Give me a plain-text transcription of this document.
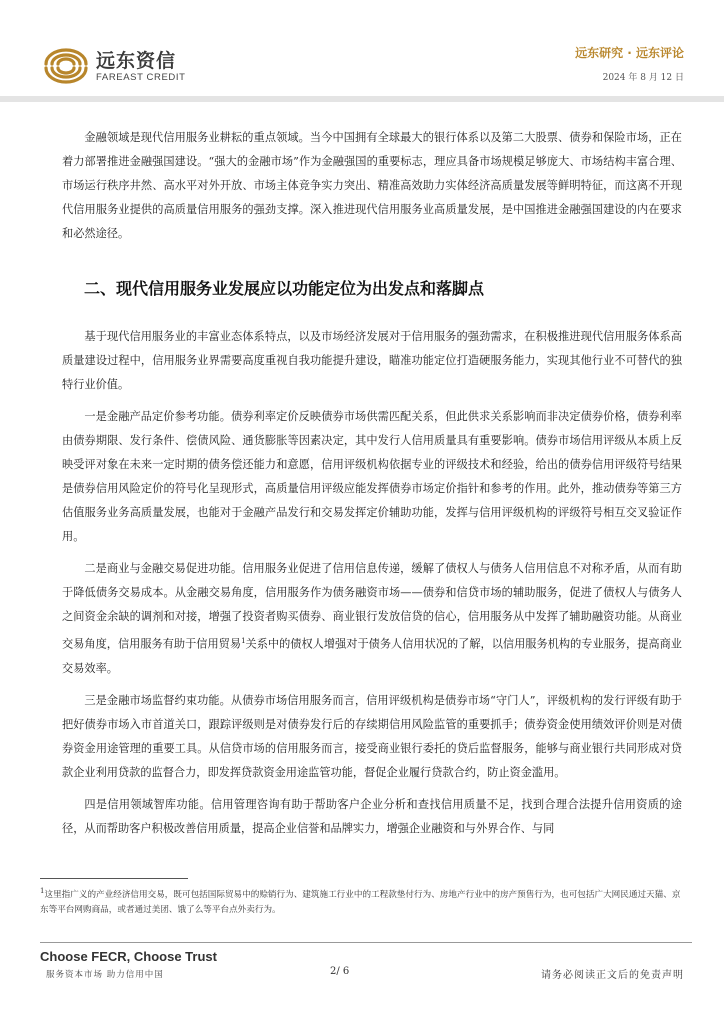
远东资信
FAREAST CREDIT
远东研究 · 远东评论
2024 年 8 月 12 日

金融领域是现代信用服务业耕耘的重点领域。当今中国拥有全球最大的银行体系以及第二大股票、债券和保险市场，正在着力部署推进金融强国建设。“强大的金融市场”作为金融强国的重要标志，理应具备市场规模足够庞大、市场结构丰富合理、市场运行秩序井然、高水平对外开放、市场主体竞争实力突出、精准高效助力实体经济高质量发展等鲜明特征，而这离不开现代信用服务业提供的高质量信用服务的强劲支撑。深入推进现代信用服务业高质量发展，是中国推进金融强国建设的内在要求和必然途径。

二、现代信用服务业发展应以功能定位为出发点和落脚点

基于现代信用服务业的丰富业态体系特点，以及市场经济发展对于信用服务的强劲需求，在积极推进现代信用服务体系高质量建设过程中，信用服务业界需要高度重视自我功能提升建设，瞄准功能定位打造硬服务能力，实现其他行业不可替代的独特行业价值。

一是金融产品定价参考功能。债券利率定价反映债券市场供需匹配关系，但此供求关系影响而非决定债券价格，债券利率由债券期限、发行条件、偿债风险、通货膨胀等因素决定，其中发行人信用质量具有重要影响。债券市场信用评级从本质上反映受评对象在未来一定时期的债务偿还能力和意愿，信用评级机构依据专业的评级技术和经验，给出的债券信用评级符号结果是债券信用风险定价的符号化呈现形式，高质量信用评级应能发挥债券市场定价指针和参考的作用。此外，推动债券等第三方估值服务业务高质量发展，也能对于金融产品发行和交易发挥定价辅助功能，发挥与信用评级机构的评级符号相互交叉验证作用。

二是商业与金融交易促进功能。信用服务业促进了信用信息传递，缓解了债权人与债务人信用信息不对称矛盾，从而有助于降低债务交易成本。从金融交易角度，信用服务作为债务融资市场——债券和信贷市场的辅助服务，促进了债权人与债务人之间资金余缺的调剂和对接，增强了投资者购买债券、商业银行发放信贷的信心，信用服务从中发挥了辅助融资功能。从商业交易角度，信用服务有助于信用贸易$^1$关系中的债权人增强对于债务人信用状况的了解，以信用服务机构的专业服务，提高商业交易效率。

三是金融市场监督约束功能。从债券市场信用服务而言，信用评级机构是债券市场“守门人”，评级机构的发行评级有助于把好债券市场入市首道关口，跟踪评级则是对债券发行后的存续期信用风险监管的重要抓手；债券资金使用绩效评价则是对债券资金用途管理的重要工具。从信贷市场的信用服务而言，接受商业银行委托的贷后监督服务，能够与商业银行共同形成对贷款企业利用贷款的监督合力，即发挥贷款资金用途监管功能，督促企业履行贷款合约，防止资金滥用。

四是信用领域智库功能。信用管理咨询有助于帮助客户企业分析和查找信用质量不足，找到合理合法提升信用资质的途径，从而帮助客户积极改善信用质量，提高企业信誉和品牌实力，增强企业融资和与外界合作、与同

$^1$这里指广义的产业经济信用交易，既可包括国际贸易中的赊销行为、建筑施工行业中的工程款垫付行为、房地产行业中的房产预售行为，也可包括广大网民通过天猫、京东等平台网购商品，或者通过美团、饿了么等平台点外卖行为。
Choose FECR, Choose Trust
服务资本市场 助力信用中国	2/ 6	请务必阅读正文后的免责声明
